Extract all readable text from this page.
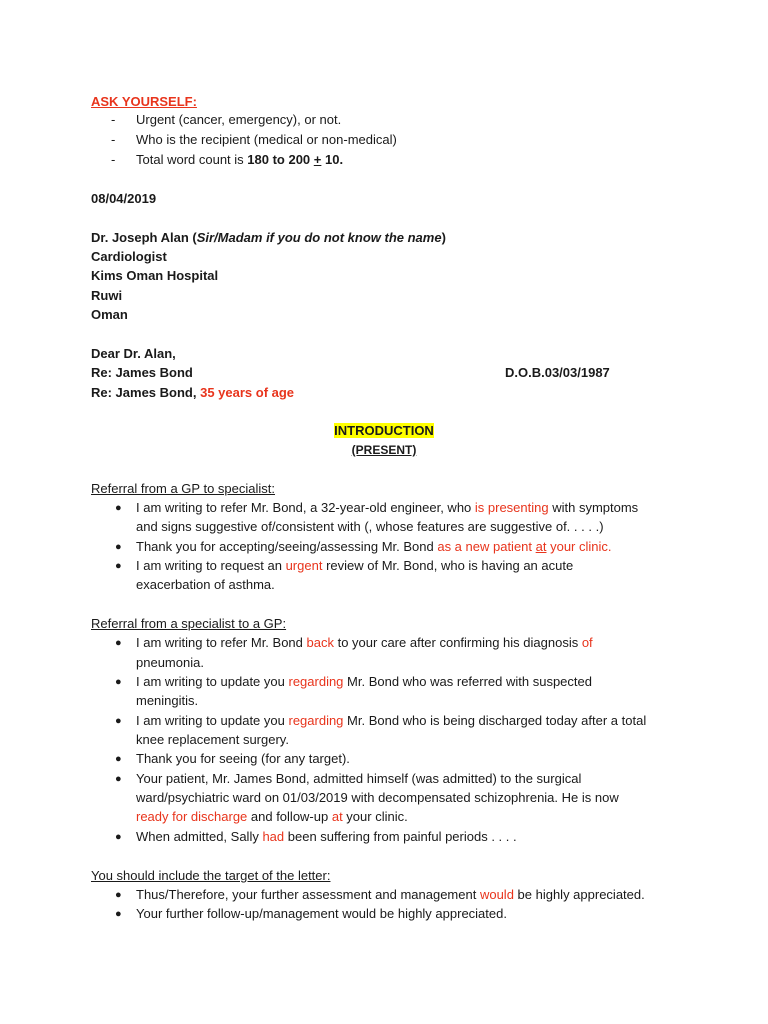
ASK YOURSELF:
- Urgent (cancer, emergency), or not.
- Who is the recipient (medical or non-medical)
- Total word count is 180 to 200 + 10.
08/04/2019
Dr. Joseph Alan (Sir/Madam if you do not know the name)
Cardiologist
Kims Oman Hospital
Ruwi
Oman
Dear Dr. Alan,
Re: James Bond	D.O.B.03/03/1987
Re: James Bond, 35 years of age
INTRODUCTION
(PRESENT)
Referral from a GP to specialist:
● I am writing to refer Mr. Bond, a 32-year-old engineer, who is presenting with symptoms
and signs suggestive of/consistent with (, whose features are suggestive of. . . . .)
● Thank you for accepting/seeing/assessing Mr. Bond as a new patient at your clinic.
● I am writing to request an urgent review of Mr. Bond, who is having an acute
exacerbation of asthma.
Referral from a specialist to a GP:
● I am writing to refer Mr. Bond back to your care after confirming his diagnosis of
pneumonia.
● I am writing to update you regarding Mr. Bond who was referred with suspected
meningitis.
● I am writing to update you regarding Mr. Bond who is being discharged today after a total
knee replacement surgery.
● Thank you for seeing (for any target).
● Your patient, Mr. James Bond, admitted himself (was admitted) to the surgical
ward/psychiatric ward on 01/03/2019 with decompensated schizophrenia. He is now
ready for discharge and follow-up at your clinic.
● When admitted, Sally had been suffering from painful periods . . . .
You should include the target of the letter:
● Thus/Therefore, your further assessment and management would be highly appreciated.
● Your further follow-up/management would be highly appreciated.
